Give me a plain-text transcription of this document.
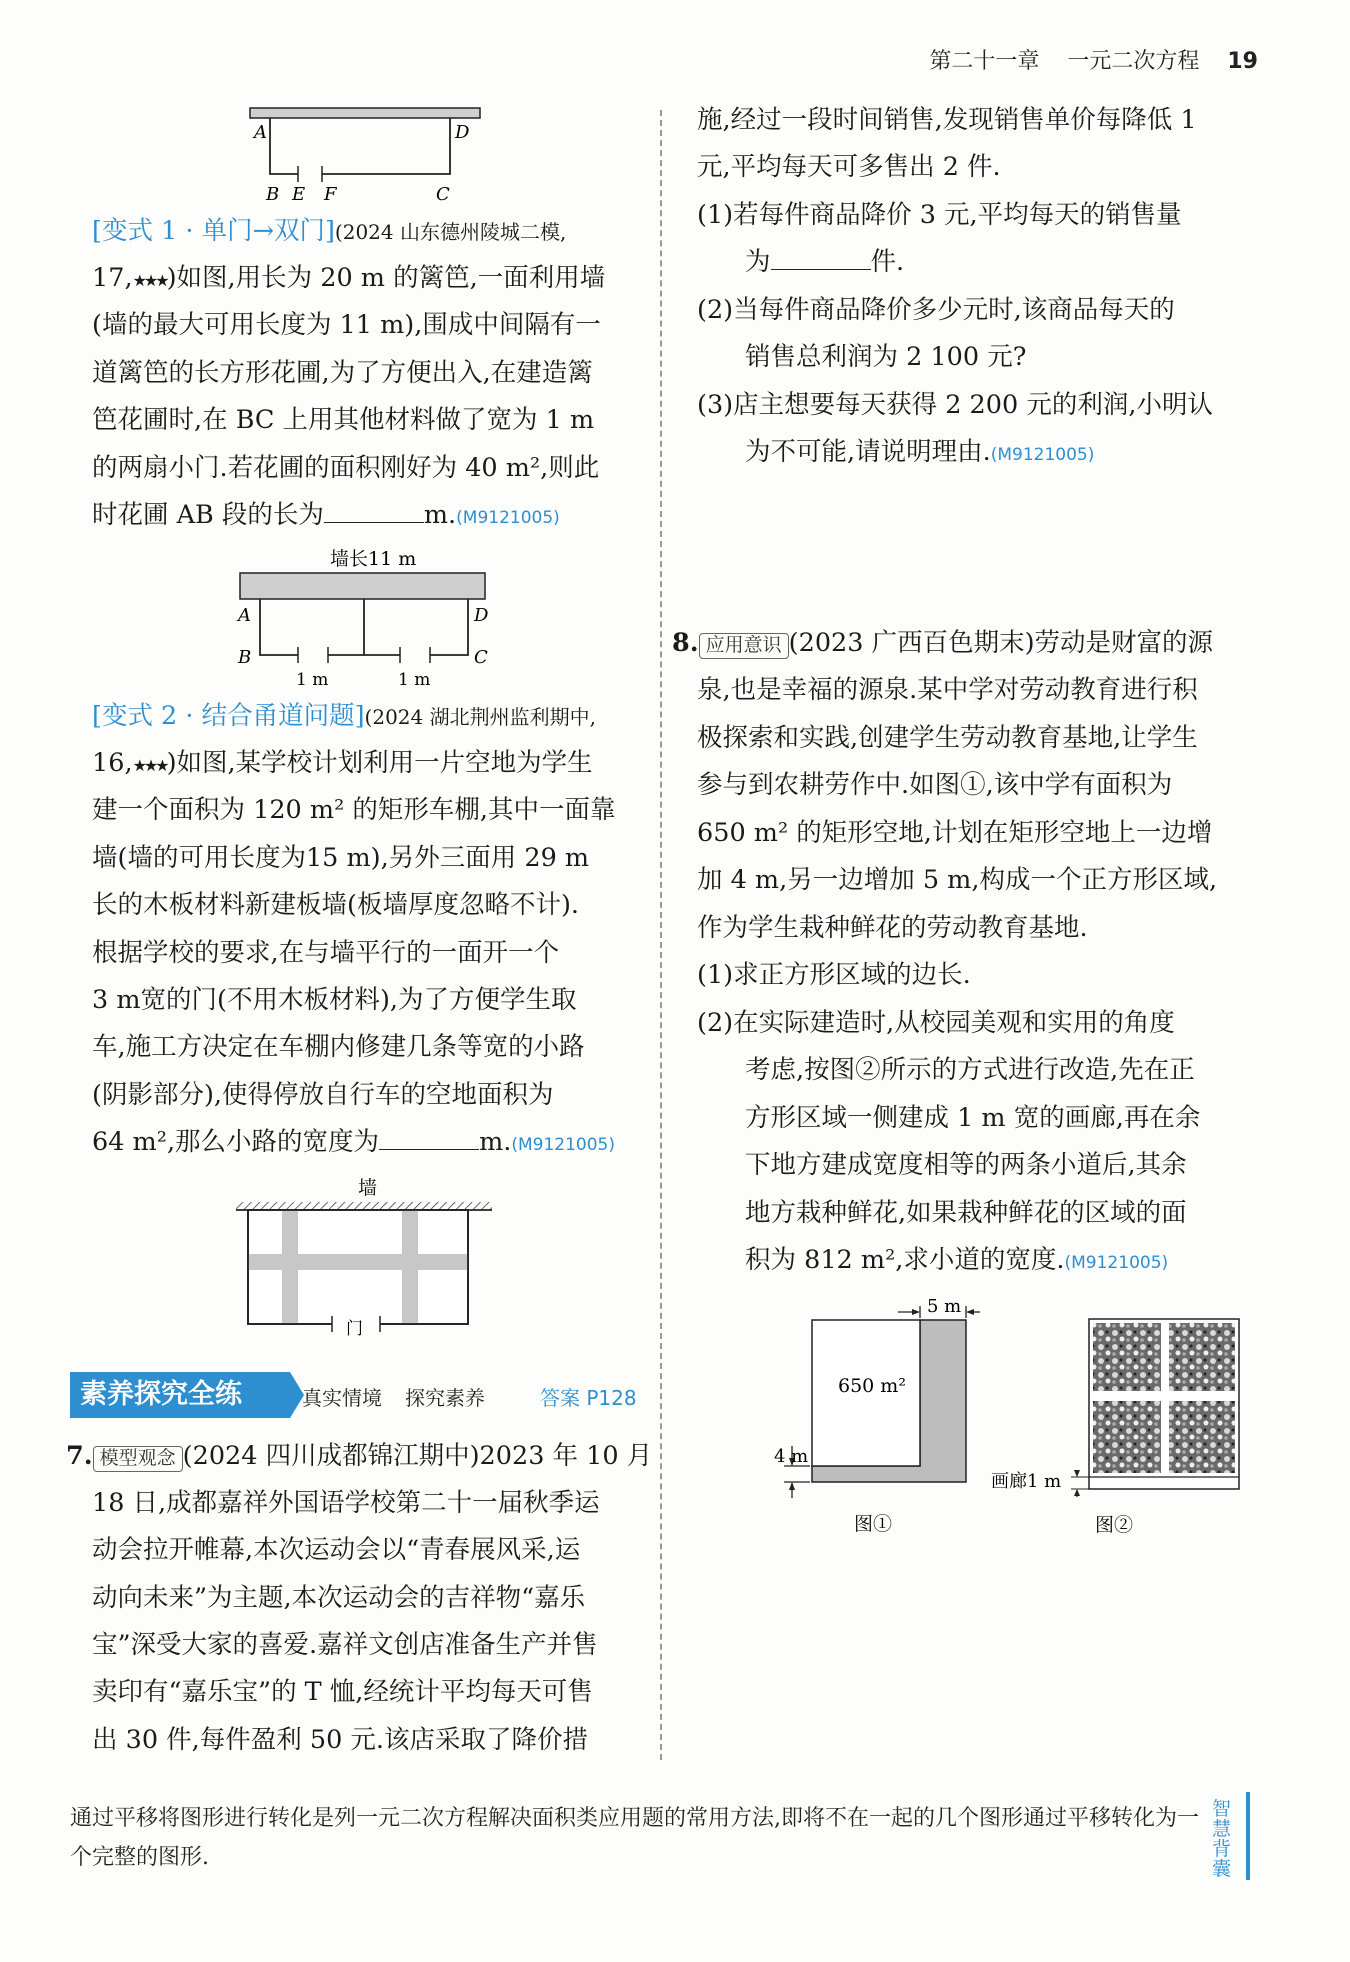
第二十一章 一元二次方程 19
A	D
B E F	C
[变式 1 · 单门→双门](2024 山东德州陵城二模,
17,★★★)如图,用长为 20 m 的篱笆,一面利用墙
(墙的最大可用长度为 11 m),围成中间隔有一
道篱笆的长方形花圃,为了方便出入,在建造篱
笆花圃时,在 BC 上用其他材料做了宽为 1 m
的两扇小门.若花圃的面积刚好为 40 m²,则此
时花圃 AB 段的长为	m.(M9121005)
墙长11 m
A	D
B	C
1 m	1 m
[变式 2 · 结合甬道问题](2024 湖北荆州监利期中,
16,★★★)如图,某学校计划利用一片空地为学生
建一个面积为 120 m² 的矩形车棚,其中一面靠
墙(墙的可用长度为15 m),另外三面用 29 m
长的木板材料新建板墙(板墙厚度忽略不计).
根据学校的要求,在与墙平行的一面开一个
3 m宽的门(不用木板材料),为了方便学生取
车,施工方决定在车棚内修建几条等宽的小路
(阴影部分),使得停放自行车的空地面积为
64 m²,那么小路的宽度为	m.(M9121005)
墙
门
素养探究全练	真实情境 探究素养	答案 P128
7. 模型观念 (2024 四川成都锦江期中)2023 年 10 月
18 日,成都嘉祥外国语学校第二十一届秋季运
动会拉开帷幕,本次运动会以“青春展风采,运
动向未来”为主题,本次运动会的吉祥物“嘉乐
宝”深受大家的喜爱.嘉祥文创店准备生产并售
卖印有“嘉乐宝”的 T 恤,经统计平均每天可售
出 30 件,每件盈利 50 元.该店采取了降价措
施,经过一段时间销售,发现销售单价每降低 1
元,平均每天可多售出 2 件.
(1)若每件商品降价 3 元,平均每天的销售量
为	件.
(2)当每件商品降价多少元时,该商品每天的
销售总利润为 2 100 元?
(3)店主想要每天获得 2 200 元的利润,小明认
为不可能,请说明理由.(M9121005)
8. 应用意识 (2023 广西百色期末)劳动是财富的源
泉,也是幸福的源泉.某中学对劳动教育进行积
极探索和实践,创建学生劳动教育基地,让学生
参与到农耕劳作中.如图①,该中学有面积为
650 m² 的矩形空地,计划在矩形空地上一边增
加 4 m,另一边增加 5 m,构成一个正方形区域,
作为学生栽种鲜花的劳动教育基地.
(1)求正方形区域的边长.
(2)在实际建造时,从校园美观和实用的角度
考虑,按图②所示的方式进行改造,先在正
方形区域一侧建成 1 m 宽的画廊,再在余
下地方建成宽度相等的两条小道后,其余
地方栽种鲜花,如果栽种鲜花的区域的面
积为 812 m²,求小道的宽度.(M9121005)
5 m
650 m²
4 m
图①
画廊1 m
图②
通过平移将图形进行转化是列一元二次方程解决面积类应用题的常用方法,即将不在一起的几个图形通过平移转化为一个完整的图形.
智慧背囊
